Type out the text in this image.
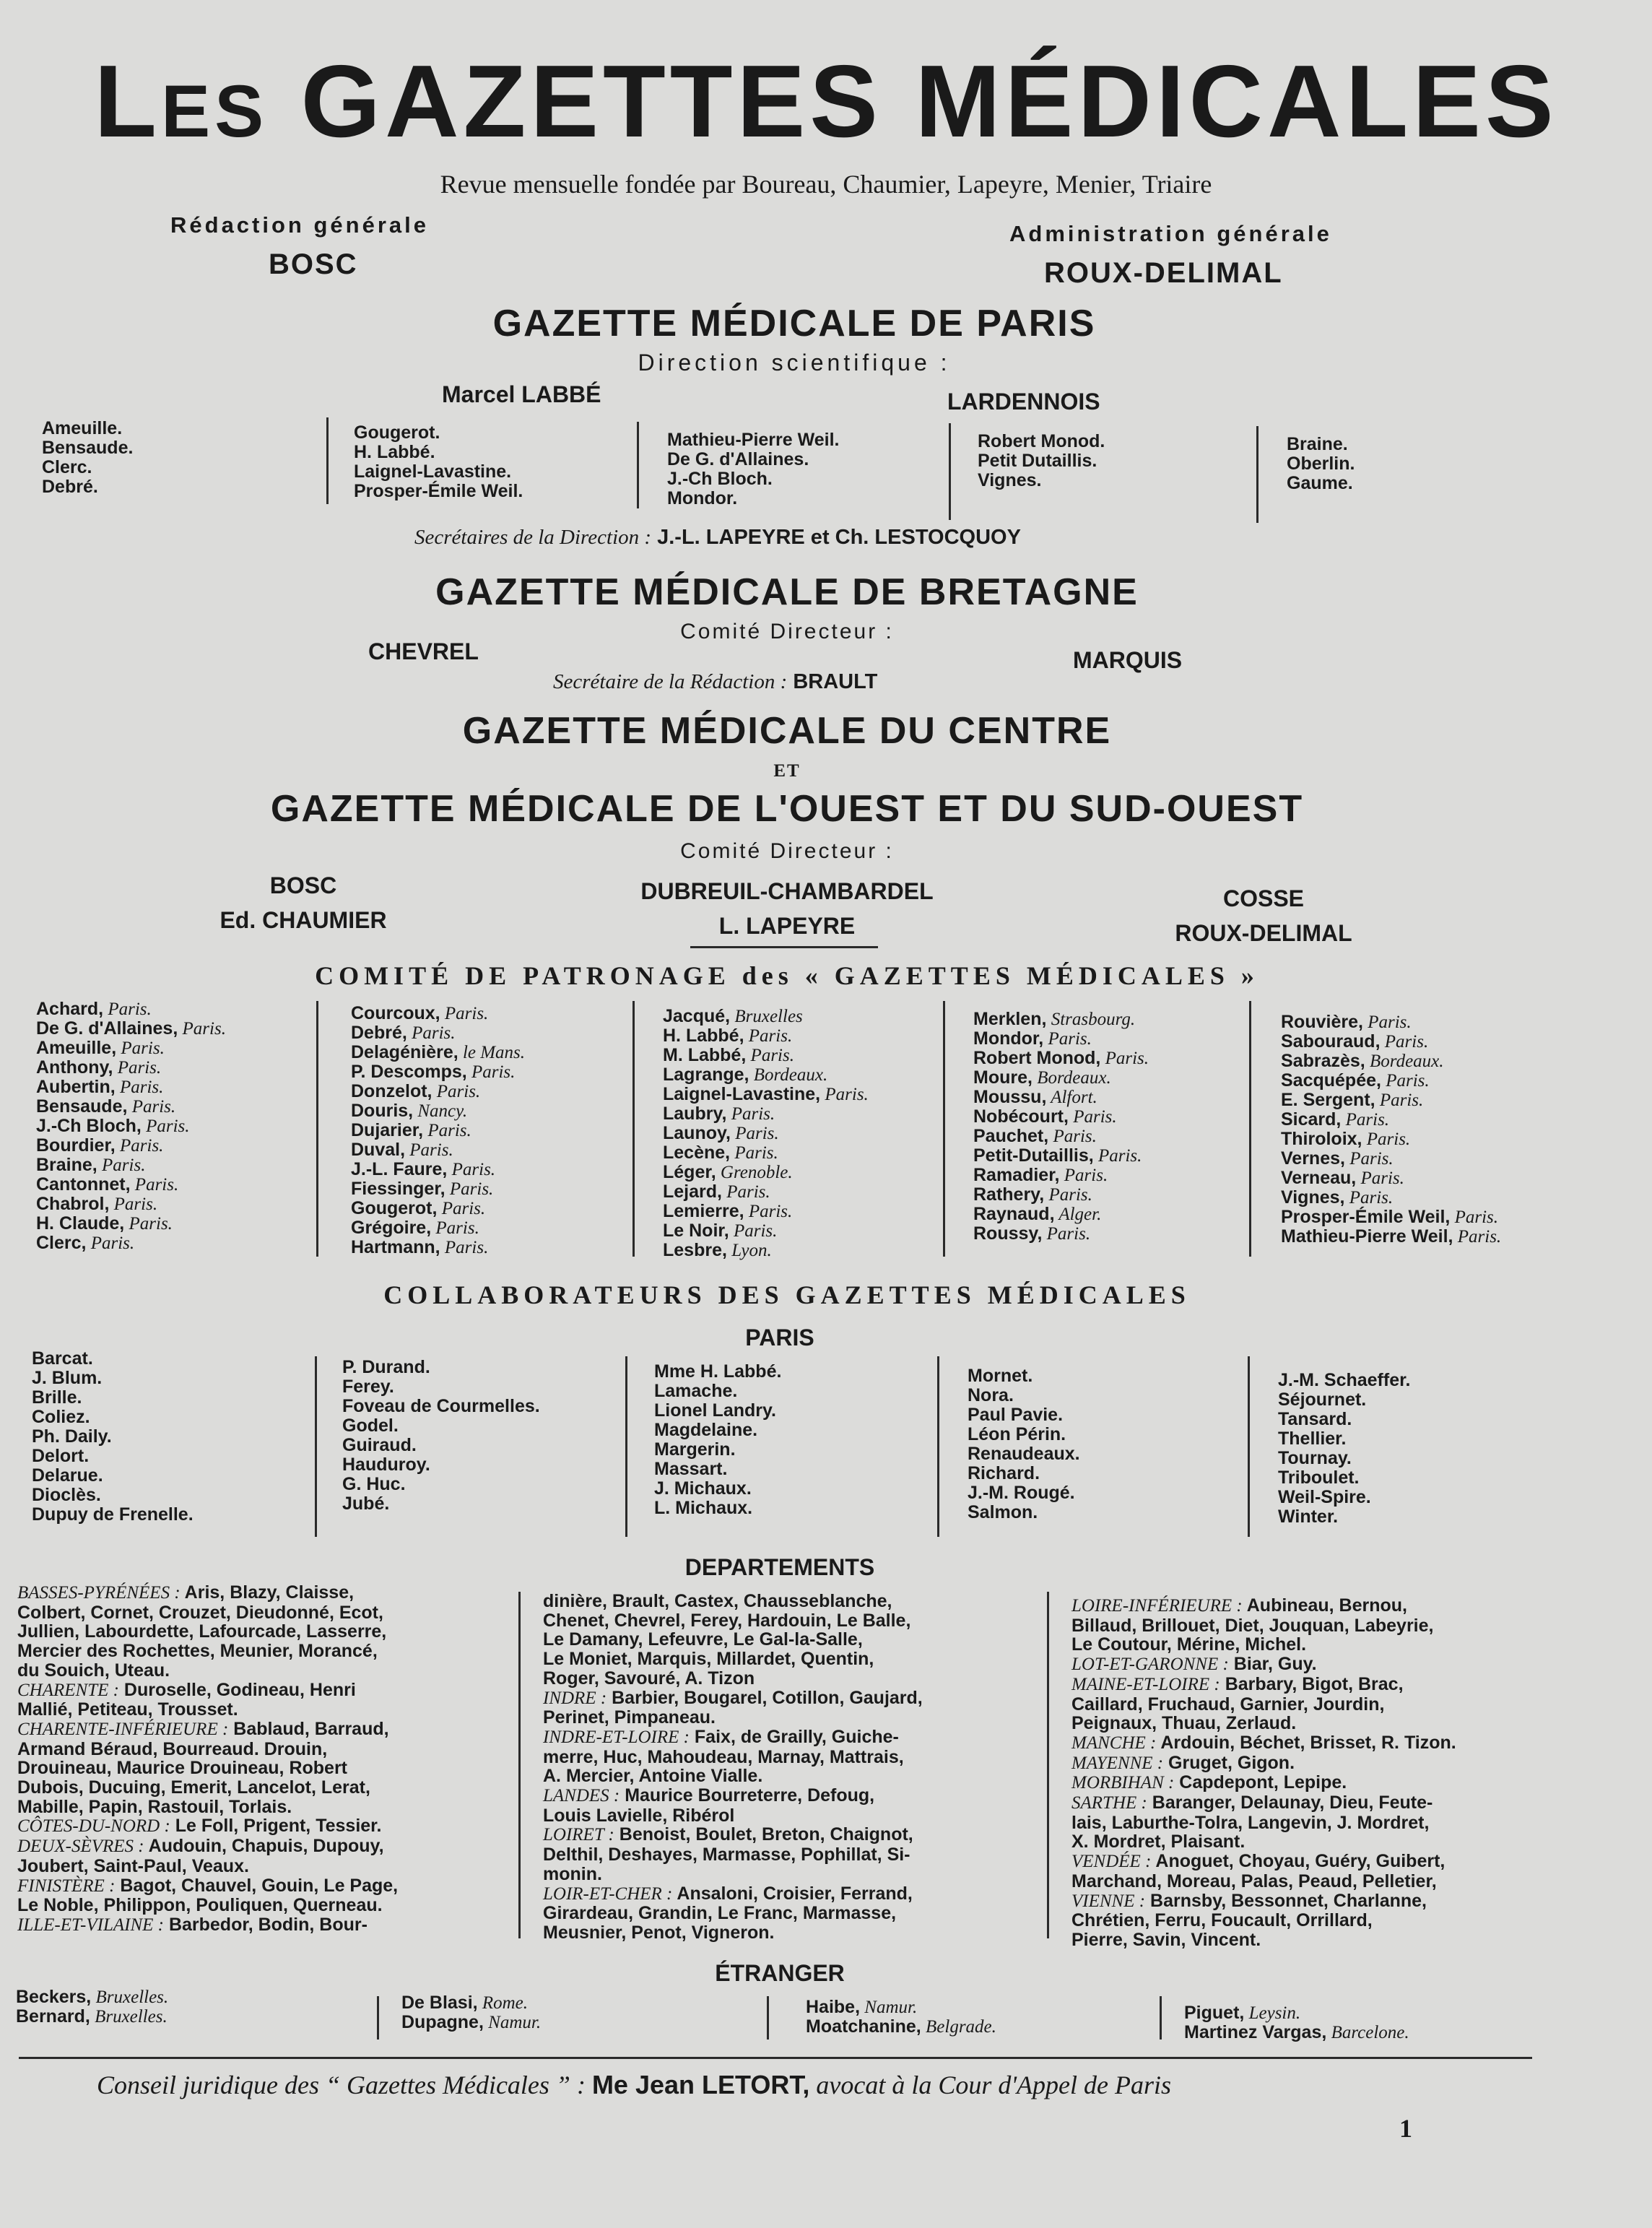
LES GAZETTES MÉDICALES
Revue mensuelle fondée par Boureau, Chaumier, Lapeyre, Menier, Triaire
Rédaction générale
BOSC
Administration générale
ROUX-DELIMAL
GAZETTE MÉDICALE DE PARIS
Direction scientifique :
Marcel LABBÉ	LARDENNOIS
Ameuille.
Bensaude.
Clerc.
Debré.
Gougerot.
H. Labbé.
Laignel-Lavastine.
Prosper-Émile Weil.
Mathieu-Pierre Weil.
De G. d'Allaines.
J.-Ch Bloch.
Mondor.
Robert Monod.
Petit Dutaillis.
Vignes.
Braine.
Oberlin.
Gaume.
Secrétaires de la Direction : J.-L. LAPEYRE et Ch. LESTOCQUOY
GAZETTE MÉDICALE DE BRETAGNE
Comité Directeur :
CHEVREL	MARQUIS
Secrétaire de la Rédaction : BRAULT
GAZETTE MÉDICALE DU CENTRE
ET
GAZETTE MÉDICALE DE L'OUEST ET DU SUD-OUEST
Comité Directeur :
BOSC
Ed. CHAUMIER
DUBREUIL-CHAMBARDEL
L. LAPEYRE
COSSE
ROUX-DELIMAL
COMITÉ DE PATRONAGE des « GAZETTES MÉDICALES »
Achard, Paris.
De G. d'Allaines, Paris.
Ameuille, Paris.
Anthony, Paris.
Aubertin, Paris.
Bensaude, Paris.
J.-Ch Bloch, Paris.
Bourdier, Paris.
Braine, Paris.
Cantonnet, Paris.
Chabrol, Paris.
H. Claude, Paris.
Clerc, Paris.
Courcoux, Paris.
Debré, Paris.
Delagénière, le Mans.
P. Descomps, Paris.
Donzelot, Paris.
Douris, Nancy.
Dujarier, Paris.
Duval, Paris.
J.-L. Faure, Paris.
Fiessinger, Paris.
Gougerot, Paris.
Grégoire, Paris.
Hartmann, Paris.
Jacqué, Bruxelles
H. Labbé, Paris.
M. Labbé, Paris.
Lagrange, Bordeaux.
Laignel-Lavastine, Paris.
Laubry, Paris.
Launoy, Paris.
Lecène, Paris.
Léger, Grenoble.
Lejard, Paris.
Lemierre, Paris.
Le Noir, Paris.
Lesbre, Lyon.
Merklen, Strasbourg.
Mondor, Paris.
Robert Monod, Paris.
Moure, Bordeaux.
Moussu, Alfort.
Nobécourt, Paris.
Pauchet, Paris.
Petit-Dutaillis, Paris.
Ramadier, Paris.
Rathery, Paris.
Raynaud, Alger.
Roussy, Paris.
Rouvière, Paris.
Sabouraud, Paris.
Sabrazès, Bordeaux.
Sacquépée, Paris.
E. Sergent, Paris.
Sicard, Paris.
Thiroloix, Paris.
Vernes, Paris.
Verneau, Paris.
Vignes, Paris.
Prosper-Émile Weil, Paris.
Mathieu-Pierre Weil, Paris.
COLLABORATEURS DES GAZETTES MÉDICALES
PARIS
Barcat.
J. Blum.
Brille.
Coliez.
Ph. Daily.
Delort.
Delarue.
Dioclès.
Dupuy de Frenelle.
P. Durand.
Ferey.
Foveau de Courmelles.
Godel.
Guiraud.
Hauduroy.
G. Huc.
Jubé.
Mme H. Labbé.
Lamache.
Lionel Landry.
Magdelaine.
Margerin.
Massart.
J. Michaux.
L. Michaux.
Mornet.
Nora.
Paul Pavie.
Léon Périn.
Renaudeaux.
Richard.
J.-M. Rougé.
Salmon.
J.-M. Schaeffer.
Séjournet.
Tansard.
Thellier.
Tournay.
Triboulet.
Weil-Spire.
Winter.
DEPARTEMENTS
BASSES-PYRÉNÉES : Aris, Blazy, Claisse,
Colbert, Cornet, Crouzet, Dieudonné, Ecot,
Jullien, Labourdette, Lafourcade, Lasserre,
Mercier des Rochettes, Meunier, Morancé,
du Souich, Uteau.
CHARENTE : Duroselle, Godineau, Henri
Mallié, Petiteau, Trousset.
CHARENTE-INFÉRIEURE : Bablaud, Barraud,
Armand Béraud, Bourreaud. Drouin,
Drouineau, Maurice Drouineau, Robert
Dubois, Ducuing, Emerit, Lancelot, Lerat,
Mabille, Papin, Rastouil, Torlais.
CÔTES-DU-NORD : Le Foll, Prigent, Tessier.
DEUX-SÈVRES : Audouin, Chapuis, Dupouy,
Joubert, Saint-Paul, Veaux.
FINISTÈRE : Bagot, Chauvel, Gouin, Le Page,
Le Noble, Philippon, Pouliquen, Querneau.
ILLE-ET-VILAINE : Barbedor, Bodin, Bour-
dinière, Brault, Castex, Chausseblanche,
Chenet, Chevrel, Ferey, Hardouin, Le Balle,
Le Damany, Lefeuvre, Le Gal-la-Salle,
Le Moniet, Marquis, Millardet, Quentin,
Roger, Savouré, A. Tizon
INDRE : Barbier, Bougarel, Cotillon, Gaujard,
Perinet, Pimpaneau.
INDRE-ET-LOIRE : Faix, de Grailly, Guiche-
merre, Huc, Mahoudeau, Marnay, Mattrais,
A. Mercier, Antoine Vialle.
LANDES : Maurice Bourreterre, Defoug,
Louis Lavielle, Ribérol
LOIRET : Benoist, Boulet, Breton, Chaignot,
Delthil, Deshayes, Marmasse, Pophillat, Si-
monin.
LOIR-ET-CHER : Ansaloni, Croisier, Ferrand,
Girardeau, Grandin, Le Franc, Marmasse,
Meusnier, Penot, Vigneron.
LOIRE-INFÉRIEURE : Aubineau, Bernou,
Billaud, Brillouet, Diet, Jouquan, Labeyrie,
Le Coutour, Mérine, Michel.
LOT-ET-GARONNE : Biar, Guy.
MAINE-ET-LOIRE : Barbary, Bigot, Brac,
Caillard, Fruchaud, Garnier, Jourdin,
Peignaux, Thuau, Zerlaud.
MANCHE : Ardouin, Béchet, Brisset, R. Tizon.
MAYENNE : Gruget, Gigon.
MORBIHAN : Capdepont, Lepipe.
SARTHE : Baranger, Delaunay, Dieu, Feute-
lais, Laburthe-Tolra, Langevin, J. Mordret,
X. Mordret, Plaisant.
VENDÉE : Anoguet, Choyau, Guéry, Guibert,
Marchand, Moreau, Palas, Peaud, Pelletier,
VIENNE : Barnsby, Bessonnet, Charlanne,
Chrétien, Ferru, Foucault, Orrillard,
Pierre, Savin, Vincent.
ÉTRANGER
Beckers, Bruxelles.
Bernard, Bruxelles.
De Blasi, Rome.
Dupagne, Namur.
Haibe, Namur.
Moatchanine, Belgrade.
Piguet, Leysin.
Martinez Vargas, Barcelone.
Conseil juridique des “ Gazettes Médicales ” : Me Jean LETORT, avocat à la Cour d'Appel de Paris
1
